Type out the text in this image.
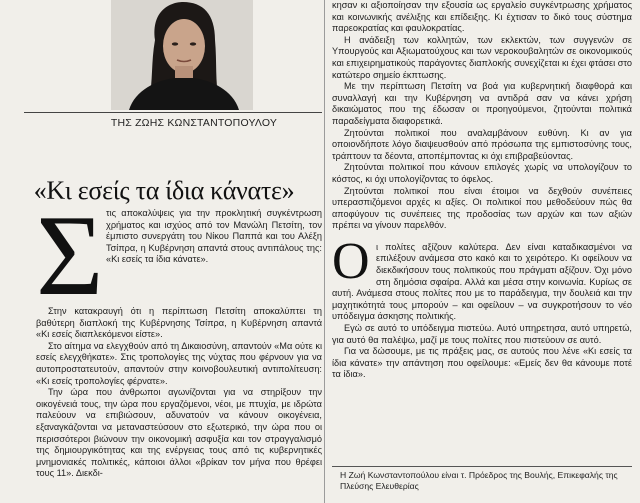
ΤΗΣ ΖΩΗΣ ΚΩΝΣΤΑΝΤΟΠΟΥΛΟΥ
«Κι εσείς τα ίδια κάνατε»
Σ τις αποκαλύψεις για την προκλητική συγκέντρωση χρήματος και ισχύος από τον Μανώλη Πετσίτη, τον έμπιστο συνεργάτη του Νίκου Παππά και του Αλέξη Τσίπρα, η Κυβέρνηση απαντά στους αντιπάλους της: «Κι εσείς τα ίδια κάνατε».

Στην κατακραυγή ότι η περίπτωση Πετσίτη αποκαλύπτει τη βαθύτερη διαπλοκή της Κυβέρνησης Τσίπρα, η Κυβέρνηση απαντά «Κι εσείς διαπλεκόμενοι είστε».

Στο αίτημα να ελεγχθούν από τη Δικαιοσύνη, απαντούν «Μα ούτε κι εσείς ελεγχθήκατε». Στις τροπολογίες της νύχτας που φέρνουν για να αυτοπροστατευτούν, απαντούν στην κοινοβουλευτική αντιπολίτευση: «Κι εσείς τροπολογίες φέρνατε».

Την ώρα που άνθρωποι αγωνίζονται για να στηρίξουν την οικογένειά τους, την ώρα που εργαζόμενοι, νέοι, με πτυχία, με ιδρώτα παλεύουν να επιβιώσουν, αδυνατούν να κάνουν οικογένεια, εξαναγκάζονται να μεταναστεύσουν στο εξωτερικό, την ώρα που οι περισσότεροι βιώνουν την οικονομική ασφυξία και τον στραγγαλισμό της δημιουργικότητας και της ενέργειας τους από τις κυβερνητικές μνημονιακές πολιτικές, κάποιοι άλλοι «βρίκαν τον μήνα που θρέφει τους 11». Διεκδι-

κησαν κι αξιοποίησαν την εξουσία ως εργαλείο συγκέντρωσης χρήματος και κοινωνικής ανέλιξης και επίδειξης. Κι έχτισαν το δικό τους σύστημα παρεοκρατίας και φαυλοκρατίας.

Η ανάδειξη των κολλητών, των εκλεκτών, των συγγενών σε Υπουργούς και Αξιωματούχους και των νεροκουβαλητών σε οικονομικούς και επιχειρηματικούς παράγοντες διαπλοκής συνεχίζεται κι έχει φτάσει στο κατώτερο σημείο έκπτωσης.

Με την περίπτωση Πετσίτη να βοά για κυβερνητική διαφθορά και συναλλαγή και την Κυβέρνηση να αντιδρά σαν να κάνει χρήση δικαιώματος που της έδωσαν οι προηγούμενοι, ζητούνται πολιτικά παραδείγματα διαφορετικά.

Ζητούνται πολιτικοί που αναλαμβάνουν ευθύνη. Κι αν για οποιονδήποτε λόγο διαψευσθούν από πρόσωπα της εμπιστοσύνης τους, τράπτουν τα δέοντα, αποπέμποντας κι όχι επιβραβεύοντας.

Ζητούνται πολιτικοί που κάνουν επιλογές χωρίς να υπολογίζουν το κόστος, κι όχι υπολογίζοντας το όφελος.

Ζητούνται πολιτικοί που είναι έτοιμοι να δεχθούν συνέπειες υπερασπιζόμενοι αρχές κι αξίες. Οι πολιτικοί που μεθοδεύουν πώς θα αποφύγουν τις συνέπειες της προδοσίας των αρχών και των αξιών πρέπει να γίνουν παρελθόν.

Ο ι πολίτες αξίζουν καλύτερα. Δεν είναι καταδικασμένοι να επιλέξουν ανάμεσα στο κακό και το χειρότερο. Κι οφείλουν να διεκδικήσουν τους πολιτικούς που πράγματι αξίζουν. Όχι μόνο στη δημόσια σφαίρα. Αλλά και μέσα στην κοινωνία. Κυρίως σε αυτή. Ανάμεσα στους πολίτες που με το παράδειγμα, την δουλειά και την μαχητικότητά τους μπορούν – και οφείλουν – να συγκροτήσουν το νέο υπόδειγμα άσκησης πολιτικής.

Εγώ σε αυτό το υπόδειγμα πιστεύω. Αυτό υπηρετησα, αυτό υπηρετώ, για αυτό θα παλέψω, μαζί με τους πολίτες που πιστεύουν σε αυτό.

Για να δώσουμε, με τις πράξεις μας, σε αυτούς που λένε «Κι εσείς τα ίδια κάνατε» την απάντηση που οφείλουμε: «Εμείς δεν θα κάνουμε ποτέ τα ίδια».

Η Ζωή Κωνσταντοπούλου είναι τ. Πρόεδρος της Βουλής, Επικεφαλής της Πλεύσης Ελευθερίας
